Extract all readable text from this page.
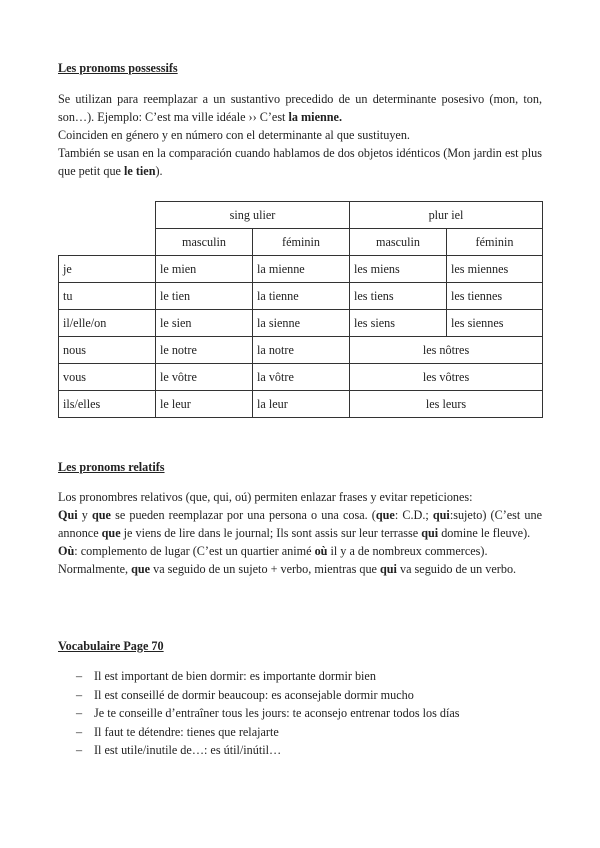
Les pronoms possessifs

Se utilizan para reemplazar a un sustantivo precedido de un determinante posesivo (mon, ton, son…). Ejemplo: C’est ma ville idéale ›› C’est la mienne.

Coinciden en género y en número con el determinante al que sustituyen.

También se usan en la comparación cuando hablamos de dos objetos idénticos (Mon jardin est plus que petit que le tien).

	sing ulier		plur iel	
	masculin	féminin	masculin	féminin
je	le mien	la mienne	les miens	les miennes
tu	le tien	la tienne	les tiens	les tiennes
il/elle/on	le sien	la sienne	les siens	les siennes
nous	le notre	la notre	les nôtres	
vous	le vôtre	la vôtre	les vôtres	
ils/elles	le leur	la leur	les leurs	
Les pronoms relatifs

Los pronombres relativos (que, qui, oú) permiten enlazar frases y evitar repeticiones:

Qui y que se pueden reemplazar por una persona o una cosa. (que: C.D.; qui:sujeto) (C’est une annonce que je viens de lire dans le journal; Ils sont assis sur leur terrasse qui domine le fleuve).

Où: complemento de lugar (C’est un quartier animé où il y a de nombreux commerces).

Normalmente, que va seguido de un sujeto + verbo, mientras que qui va seguido de un verbo.

Vocabulaire Page 70
– Il est important de bien dormir: es importante dormir bien
– Il est conseillé de dormir beaucoup: es aconsejable dormir mucho
– Je te conseille d’entraîner tous les jours: te aconsejo entrenar todos los días
– Il faut te détendre: tienes que relajarte
– Il est utile/inutile de…: es útil/inútil…
